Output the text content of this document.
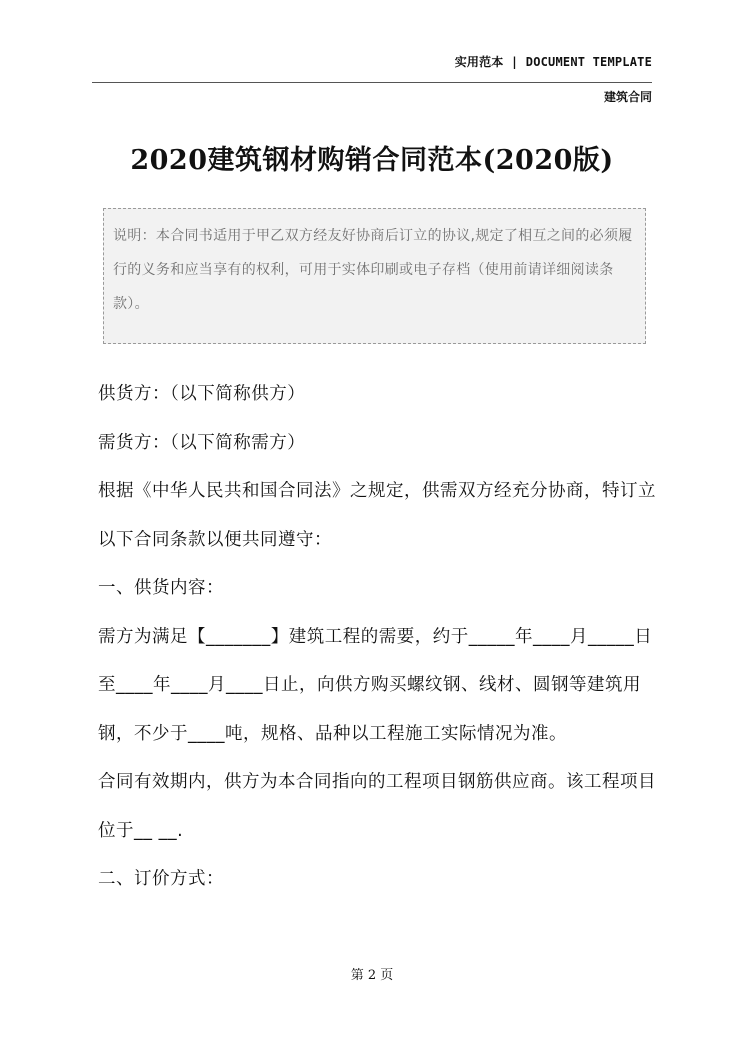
实用范本 | DOCUMENT TEMPLATE
建筑合同
2020建筑钢材购销合同范本(2020版)
说明：本合同书适用于甲乙双方经友好协商后订立的协议,规定了相互之间的必须履行的义务和应当享有的权利，可用于实体印刷或电子存档（使用前请详细阅读条款）。

供货方：（以下简称供方）

需货方：（以下简称需方）

根据《中华人民共和国合同法》之规定，供需双方经充分协商，特订立以下合同条款以便共同遵守：

一、供货内容：

需方为满足【_______】建筑工程的需要，约于_____年____月_____日至____年____月____日止，向供方购买螺纹钢、线材、圆钢等建筑用钢，不少于____吨，规格、品种以工程施工实际情况为准。

合同有效期内，供方为本合同指向的工程项目钢筋供应商。该工程项目位于__ __.

二、订价方式：

第 2 页
